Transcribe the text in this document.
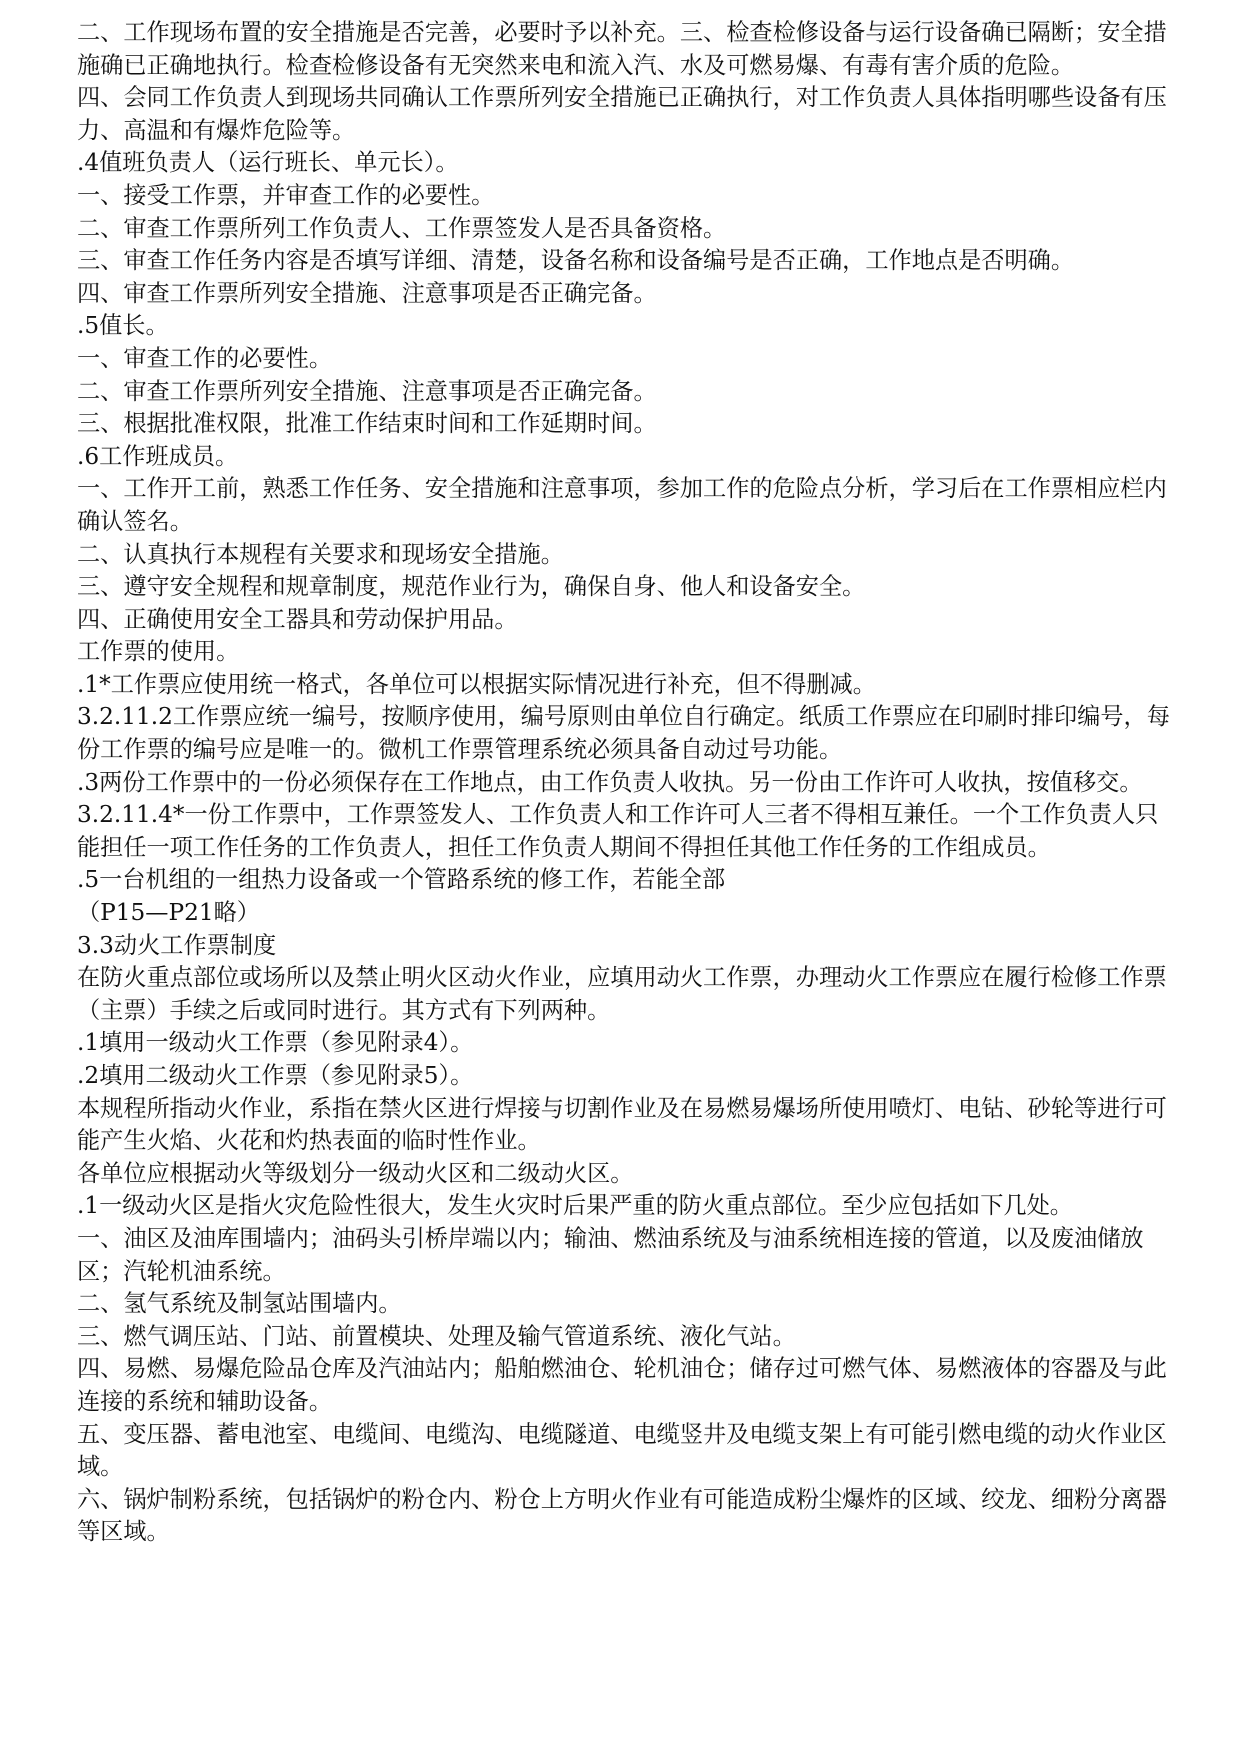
二、工作现场布置的安全措施是否完善，必要时予以补充。三、检查检修设备与运行设备确已隔断；安全措施确已正确地执行。检查检修设备有无突然来电和流入汽、水及可燃易爆、有毒有害介质的危险。

四、会同工作负责人到现场共同确认工作票所列安全措施已正确执行，对工作负责人具体指明哪些设备有压力、高温和有爆炸危险等。

.4值班负责人（运行班长、单元长）。

一、接受工作票，并审查工作的必要性。

二、审查工作票所列工作负责人、工作票签发人是否具备资格。

三、审查工作任务内容是否填写详细、清楚，设备名称和设备编号是否正确，工作地点是否明确。

四、审查工作票所列安全措施、注意事项是否正确完备。

.5值长。

一、审查工作的必要性。

二、审查工作票所列安全措施、注意事项是否正确完备。

三、根据批准权限，批准工作结束时间和工作延期时间。

.6工作班成员。

一、工作开工前，熟悉工作任务、安全措施和注意事项，参加工作的危险点分析，学习后在工作票相应栏内确认签名。

二、认真执行本规程有关要求和现场安全措施。

三、遵守安全规程和规章制度，规范作业行为，确保自身、他人和设备安全。

四、正确使用安全工器具和劳动保护用品。

工作票的使用。

.1*工作票应使用统一格式，各单位可以根据实际情况进行补充，但不得删减。

3.2.11.2工作票应统一编号，按顺序使用，编号原则由单位自行确定。纸质工作票应在印刷时排印编号，每份工作票的编号应是唯一的。微机工作票管理系统必须具备自动过号功能。

.3两份工作票中的一份必须保存在工作地点，由工作负责人收执。另一份由工作许可人收执，按值移交。

3.2.11.4*一份工作票中，工作票签发人、工作负责人和工作许可人三者不得相互兼任。一个工作负责人只能担任一项工作任务的工作负责人，担任工作负责人期间不得担任其他工作任务的工作组成员。

.5一台机组的一组热力设备或一个管路系统的修工作，若能全部

（P15—P21略）

3.3动火工作票制度

在防火重点部位或场所以及禁止明火区动火作业，应填用动火工作票，办理动火工作票应在履行检修工作票（主票）手续之后或同时进行。其方式有下列两种。

.1填用一级动火工作票（参见附录4）。

.2填用二级动火工作票（参见附录5）。

本规程所指动火作业，系指在禁火区进行焊接与切割作业及在易燃易爆场所使用喷灯、电钻、砂轮等进行可能产生火焰、火花和灼热表面的临时性作业。

各单位应根据动火等级划分一级动火区和二级动火区。

.1一级动火区是指火灾危险性很大，发生火灾时后果严重的防火重点部位。至少应包括如下几处。

一、油区及油库围墙内；油码头引桥岸端以内；输油、燃油系统及与油系统相连接的管道，以及废油储放区；汽轮机油系统。

二、氢气系统及制氢站围墙内。

三、燃气调压站、门站、前置模块、处理及输气管道系统、液化气站。

四、易燃、易爆危险品仓库及汽油站内；船舶燃油仓、轮机油仓；储存过可燃气体、易燃液体的容器及与此连接的系统和辅助设备。

五、变压器、蓄电池室、电缆间、电缆沟、电缆隧道、电缆竖井及电缆支架上有可能引燃电缆的动火作业区域。

六、锅炉制粉系统，包括锅炉的粉仓内、粉仓上方明火作业有可能造成粉尘爆炸的区域、绞龙、细粉分离器等区域。
